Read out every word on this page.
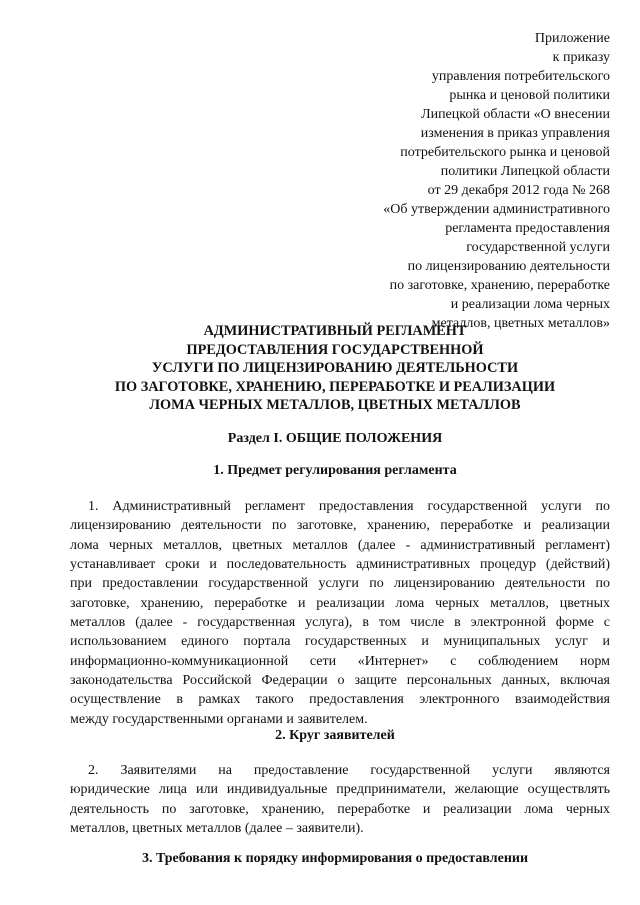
Приложение
к приказу
управления потребительского
рынка и ценовой политики
Липецкой области «О внесении
изменения в приказ управления
потребительского рынка и ценовой
политики Липецкой области
от 29 декабря 2012 года № 268
«Об утверждении административного
регламента предоставления
государственной услуги
по лицензированию деятельности
по заготовке, хранению, переработке
и реализации лома черных
металлов, цветных металлов»
АДМИНИСТРАТИВНЫЙ РЕГЛАМЕНТ
ПРЕДОСТАВЛЕНИЯ ГОСУДАРСТВЕННОЙ
УСЛУГИ ПО ЛИЦЕНЗИРОВАНИЮ ДЕЯТЕЛЬНОСТИ
ПО ЗАГОТОВКЕ, ХРАНЕНИЮ, ПЕРЕРАБОТКЕ И РЕАЛИЗАЦИИ
ЛОМА ЧЕРНЫХ МЕТАЛЛОВ, ЦВЕТНЫХ МЕТАЛЛОВ
Раздел I. ОБЩИЕ ПОЛОЖЕНИЯ
1. Предмет регулирования регламента
1. Административный регламент предоставления государственной услуги по
лицензированию деятельности по заготовке, хранению, переработке и реализации
лома черных металлов, цветных металлов (далее - административный регламент)
устанавливает сроки и последовательность административных процедур (действий)
при предоставлении государственной услуги по лицензированию деятельности по
заготовке, хранению, переработке и реализации лома черных металлов, цветных
металлов (далее - государственная услуга), в том числе в электронной форме с
использованием единого портала государственных и муниципальных услуг и
информационно-коммуникационной сети «Интернет» с соблюдением норм
законодательства Российской Федерации о защите персональных данных, включая
осуществление в рамках такого предоставления электронного взаимодействия
между государственными органами и заявителем.
2. Круг заявителей
2. Заявителями на предоставление государственной услуги являются
юридические лица или индивидуальные предприниматели, желающие осуществлять
деятельность по заготовке, хранению, переработке и реализации лома черных
металлов, цветных металлов (далее – заявители).
3. Требования к порядку информирования о предоставлении
